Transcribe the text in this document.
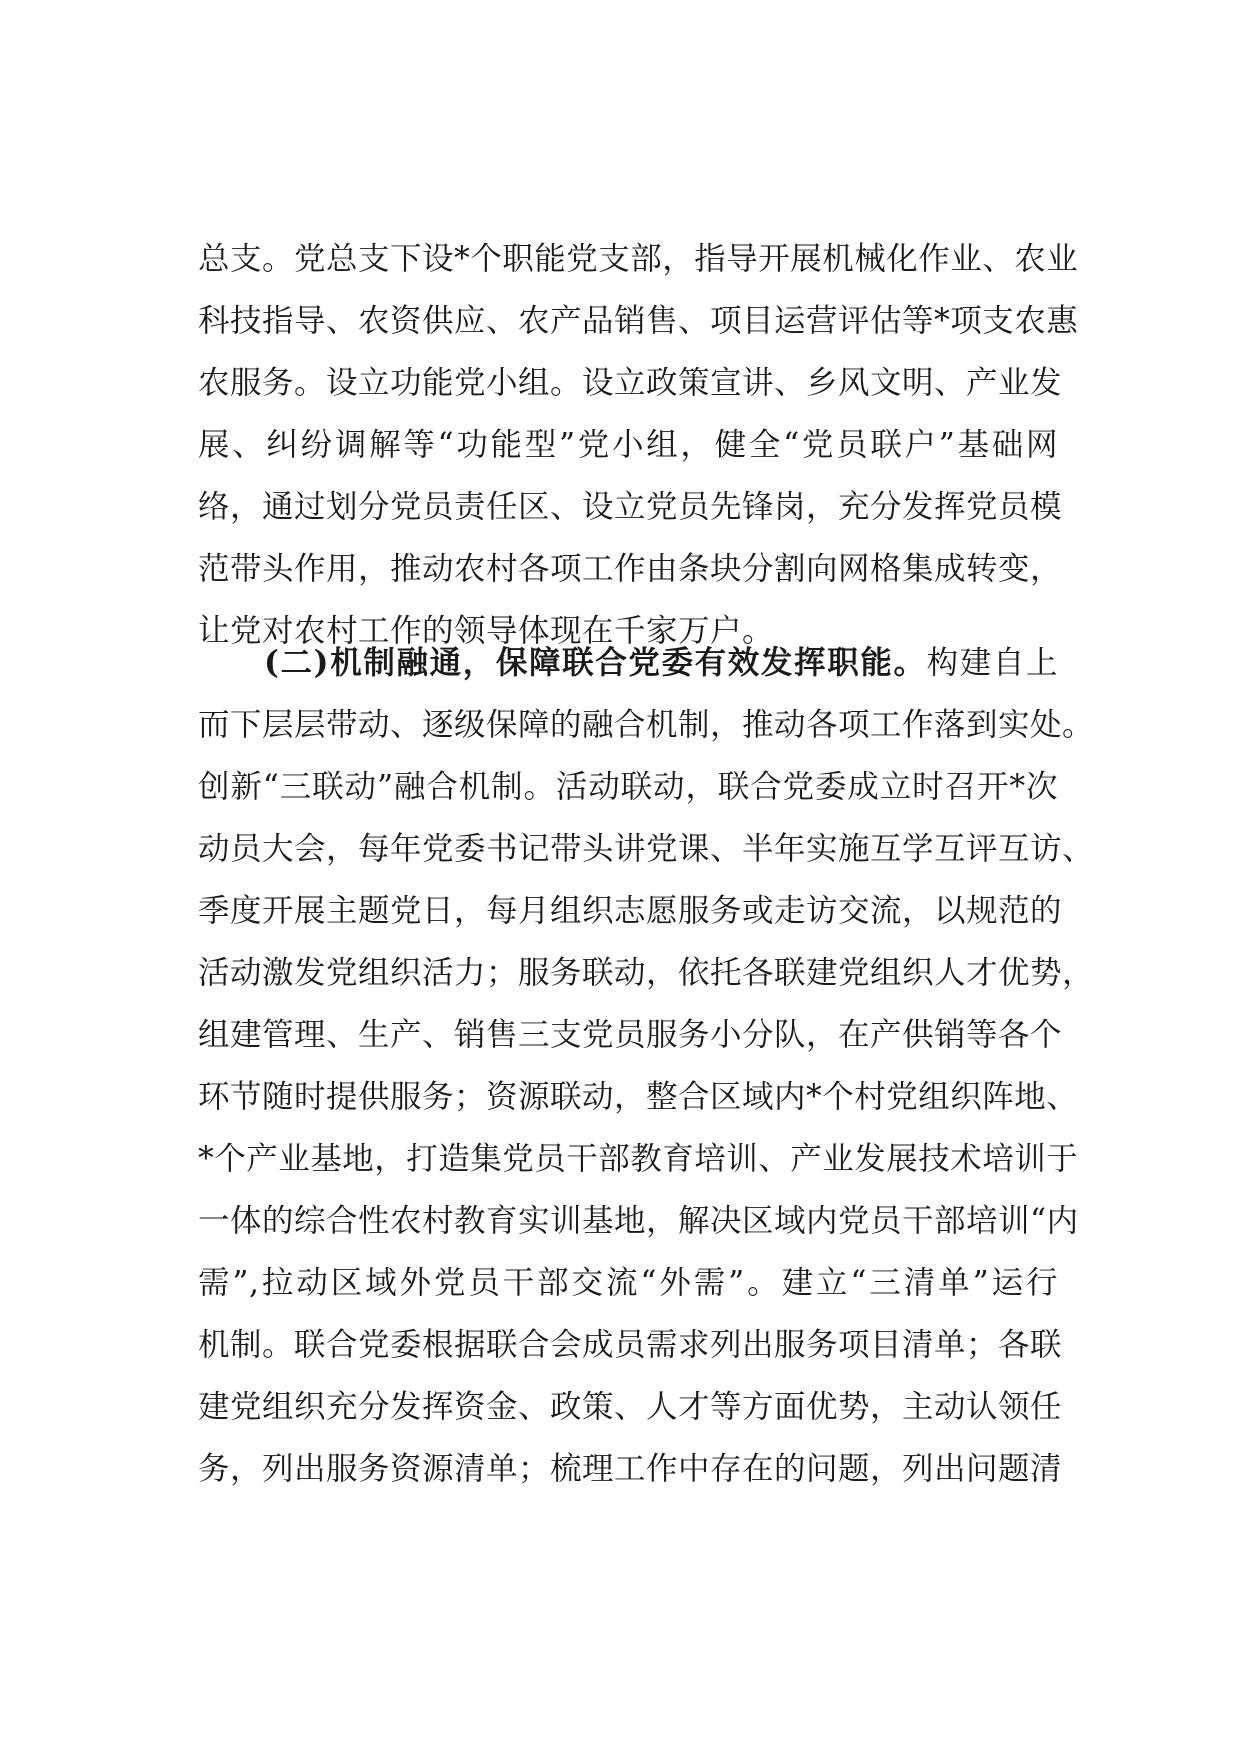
总支。党总支下设*个职能党支部，指导开展机械化作业、农业
科技指导、农资供应、农产品销售、项目运营评估等*项支农惠
农服务。设立功能党小组。设立政策宣讲、乡风文明、产业发
展、纠纷调解等“功能型”党小组，健全“党员联户”基础网
络，通过划分党员责任区、设立党员先锋岗，充分发挥党员模
范带头作用，推动农村各项工作由条块分割向网格集成转变，
让党对农村工作的领导体现在千家万户。
(二)机制融通，保障联合党委有效发挥职能。构建自上
而下层层带动、逐级保障的融合机制，推动各项工作落到实处。
创新“三联动”融合机制。活动联动，联合党委成立时召开*次
动员大会，每年党委书记带头讲党课、半年实施互学互评互访、
季度开展主题党日，每月组织志愿服务或走访交流，以规范的
活动激发党组织活力；服务联动，依托各联建党组织人才优势，
组建管理、生产、销售三支党员服务小分队，在产供销等各个
环节随时提供服务；资源联动，整合区域内*个村党组织阵地、
*个产业基地，打造集党员干部教育培训、产业发展技术培训于
一体的综合性农村教育实训基地，解决区域内党员干部培训“内
需”,拉动区域外党员干部交流“外需”。建立“三清单”运行
机制。联合党委根据联合会成员需求列出服务项目清单；各联
建党组织充分发挥资金、政策、人才等方面优势，主动认领任
务，列出服务资源清单；梳理工作中存在的问题，列出问题清
